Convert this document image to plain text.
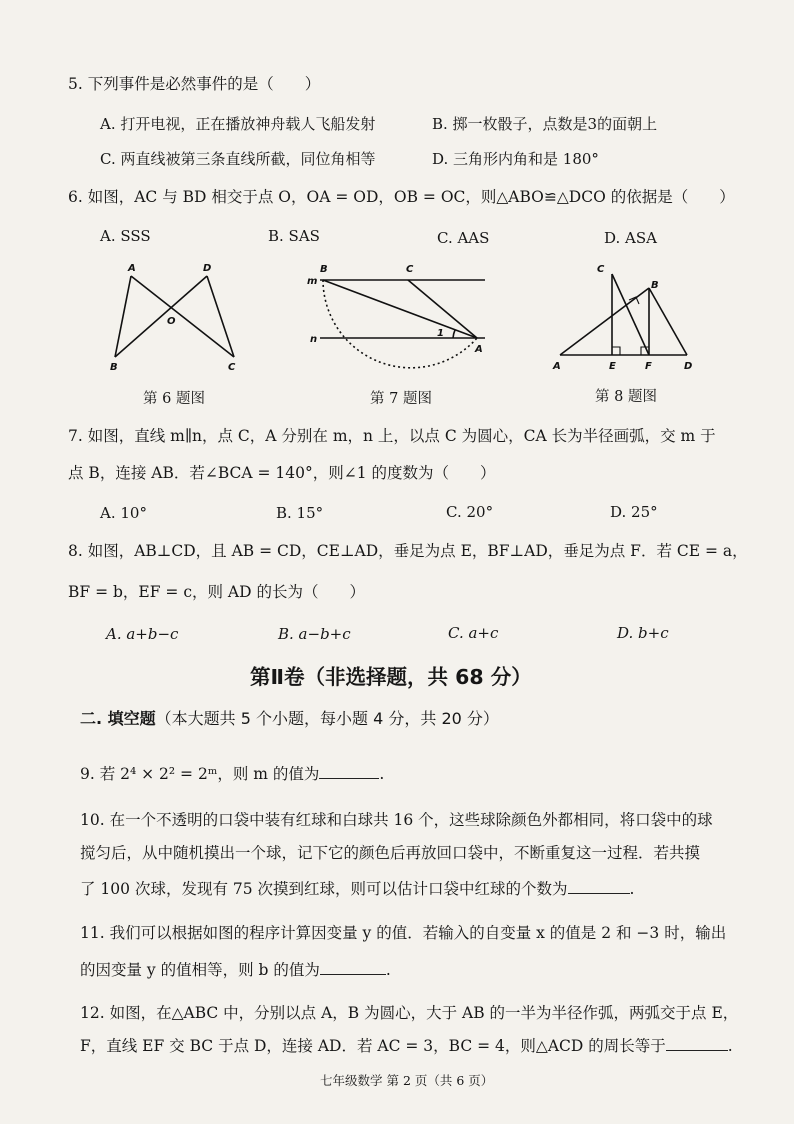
5. 下列事件是必然事件的是（　　）
A. 打开电视，正在播放神舟载人飞船发射	B. 掷一枚骰子，点数是3的面朝上
C. 两直线被第三条直线所截，同位角相等	D. 三角形内角和是 180°
6. 如图，AC 与 BD 相交于点 O，OA = OD，OB = OC，则△ABO≌△DCO 的依据是（　　）
A. SSS	B. SAS	C. AAS	D. ASA
A	D
O
B	C
B	C
m
n
1
A
C
B
A	E	F	D
第 6 题图	第 7 题图	第 8 题图
7. 如图，直线 m∥n，点 C，A 分别在 m，n 上，以点 C 为圆心，CA 长为半径画弧，交 m 于
点 B，连接 AB．若∠BCA = 140°，则∠1 的度数为（　　）
A. 10°	B. 15°	C. 20°	D. 25°
8. 如图，AB⊥CD，且 AB = CD，CE⊥AD，垂足为点 E，BF⊥AD，垂足为点 F．若 CE = a，
BF = b，EF = c，则 AD 的长为（　　）
A. a+b−c	B. a−b+c	C. a+c	D. b+c
第Ⅱ卷（非选择题，共 68 分）
二. 填空题（本大题共 5 个小题，每小题 4 分，共 20 分）
9. 若 2⁴ × 2² = 2ᵐ，则 m 的值为	.
10. 在一个不透明的口袋中装有红球和白球共 16 个，这些球除颜色外都相同，将口袋中的球
搅匀后，从中随机摸出一个球，记下它的颜色后再放回口袋中，不断重复这一过程．若共摸
了 100 次球，发现有 75 次摸到红球，则可以估计口袋中红球的个数为	.
11. 我们可以根据如图的程序计算因变量 y 的值．若输入的自变量 x 的值是 2 和 −3 时，输出
的因变量 y 的值相等，则 b 的值为	.
12. 如图，在△ABC 中，分别以点 A，B 为圆心，大于 AB 的一半为半径作弧，两弧交于点 E，
F，直线 EF 交 BC 于点 D，连接 AD．若 AC = 3，BC = 4，则△ACD 的周长等于	.
七年级数学 第 2 页（共 6 页）
